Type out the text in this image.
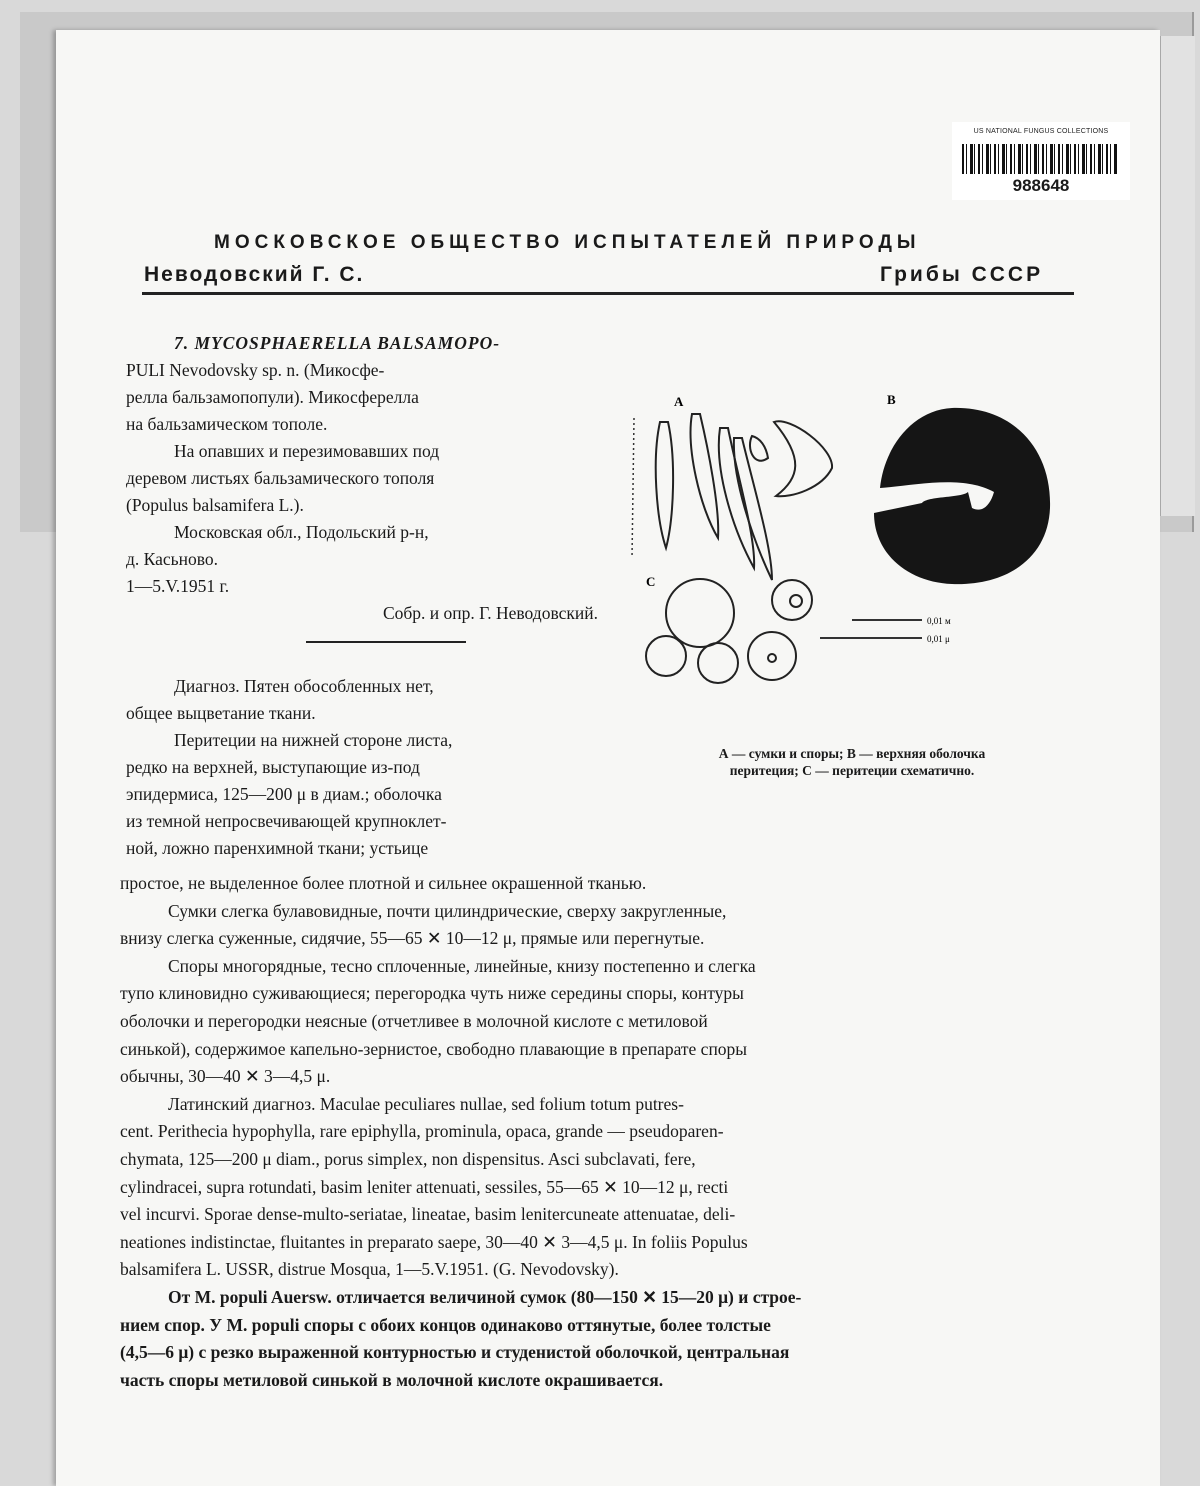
US NATIONAL FUNGUS COLLECTIONS
988648
МОСКОВСКОЕ ОБЩЕСТВО ИСПЫТАТЕЛЕЙ ПРИРОДЫ
Неводовский Г. С.	Грибы СССР

7. MYCOSPHAERELLA BALSAMOPO-

PULI Nevodovsky sp. n. (Микосфе-

релла бальзамопопули). Микосферелла

на бальзамическом тополе.

На опавших и перезимовавших под

деревом листьях бальзамического тополя

(Populus balsamifera L.).

Московская обл., Подольский р-н,

д. Касьново.

1—5.V.1951 г.

Собр. и опр. Г. Неводовский.

Диагноз. Пятен обособленных нет,

общее выцветание ткани.

Перитеции на нижней стороне листа,

редко на верхней, выступающие из-под

эпидермиса, 125—200 μ в диам.; оболочка

из темной непросвечивающей крупноклет-

ной, ложно паренхимной ткани; устьице

A	B
C
0,01 м
0,01 μ
А — сумки и споры; В — верхняя оболочка
перитеция; С — перитеции схематично.

простое, не выделенное более плотной и сильнее окрашенной тканью.

Сумки слегка булавовидные, почти цилиндрические, сверху закругленные,

внизу слегка суженные, сидячие, 55—65 ✕ 10—12 μ, прямые или перегнутые.

Споры многорядные, тесно сплоченные, линейные, книзу постепенно и слегка

тупо клиновидно суживающиеся; перегородка чуть ниже середины споры, контуры

оболочки и перегородки неясные (отчетливее в молочной кислоте с метиловой

синькой), содержимое капельно-зернистое, свободно плавающие в препарате споры

обычны, 30—40 ✕ 3—4,5 μ.

Латинский диагноз. Maculae peculiares nullae, sed folium totum putres-

cent. Perithecia hypophylla, rare epiphylla, prominula, opaca, grande — pseudoparen-

chymata, 125—200 μ diam., porus simplex, non dispensitus. Asci subclavati, fere,

cylindracei, supra rotundati, basim leniter attenuati, sessiles, 55—65 ✕ 10—12 μ, recti

vel incurvi. Sporae dense-multo-seriatae, lineatae, basim lenitercuneate attenuatae, deli-

neationes indistinctae, fluitantes in preparato saepe, 30—40 ✕ 3—4,5 μ. In foliis Populus

balsamifera L. USSR, distrue Mosqua, 1—5.V.1951. (G. Nevodovsky).

От M. populi Auersw. отличается величиной сумок (80—150 ✕ 15—20 μ) и строе-

нием спор. У M. populi споры с обоих концов одинаково оттянутые, более толстые

(4,5—6 μ) с резко выраженной контурностью и студенистой оболочкой, центральная

часть споры метиловой синькой в молочной кислоте окрашивается.
